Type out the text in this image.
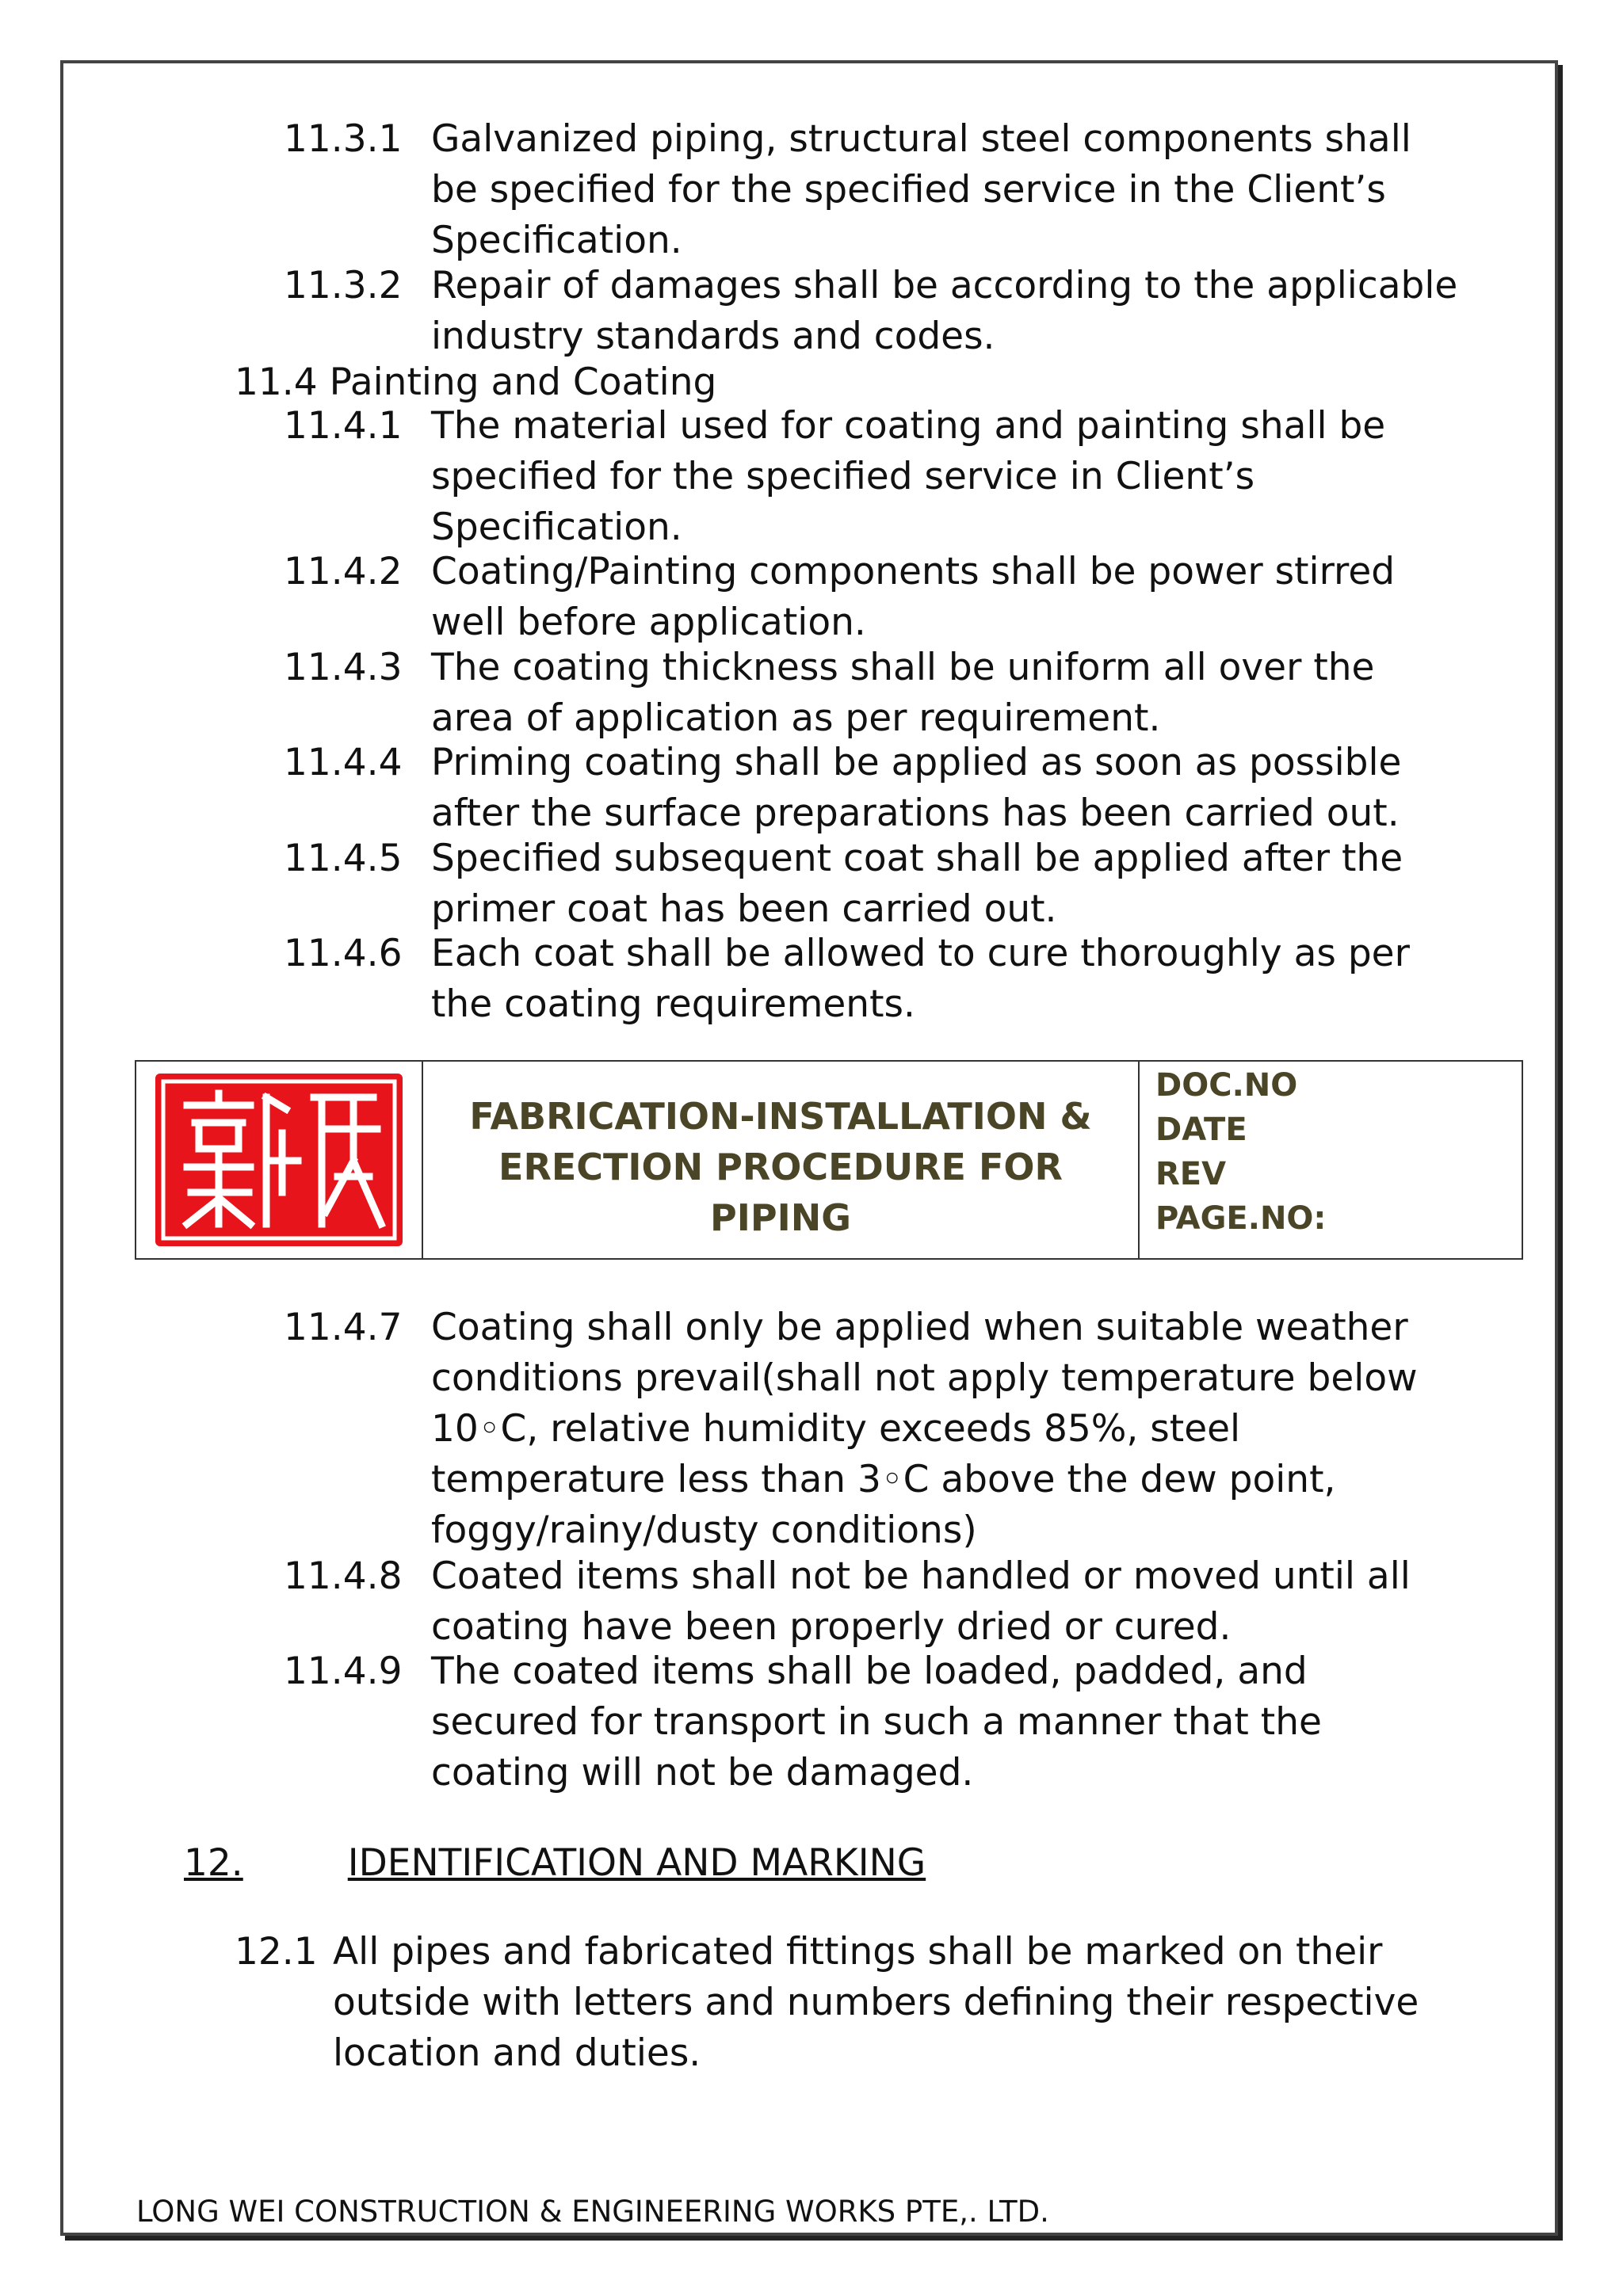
11.3.1 Galvanized piping, structural steel components shall
be specified for the specified service in the Client’s
Specification.
11.3.2 Repair of damages shall be according to the applicable
industry standards and codes.
11.4 Painting and Coating
11.4.1 The material used for coating and painting shall be
specified for the specified service in Client’s
Specification.
11.4.2 Coating/Painting components shall be power stirred
well before application.
11.4.3 The coating thickness shall be uniform all over the
area of application as per requirement.
11.4.4 Priming coating shall be applied as soon as possible
after the surface preparations has been carried out.
11.4.5 Specified subsequent coat shall be applied after the
primer coat has been carried out.
11.4.6 Each coat shall be allowed to cure thoroughly as per
the coating requirements.
FABRICATION-INSTALLATION &
ERECTION PROCEDURE FOR
PIPING
DOC.NO
DATE
REV
PAGE.NO:
11.4.7 Coating shall only be applied when suitable weather
conditions prevail(shall not apply temperature below
10◦C, relative humidity exceeds 85%, steel
temperature less than 3◦C above the dew point,
foggy/rainy/dusty conditions)
11.4.8 Coated items shall not be handled or moved until all
coating have been properly dried or cured.
11.4.9 The coated items shall be loaded, padded, and
secured for transport in such a manner that the
coating will not be damaged.
12.	IDENTIFICATION AND MARKING
12.1 All pipes and fabricated fittings shall be marked on their
outside with letters and numbers defining their respective
location and duties.
LONG WEI CONSTRUCTION & ENGINEERING WORKS PTE,. LTD.
